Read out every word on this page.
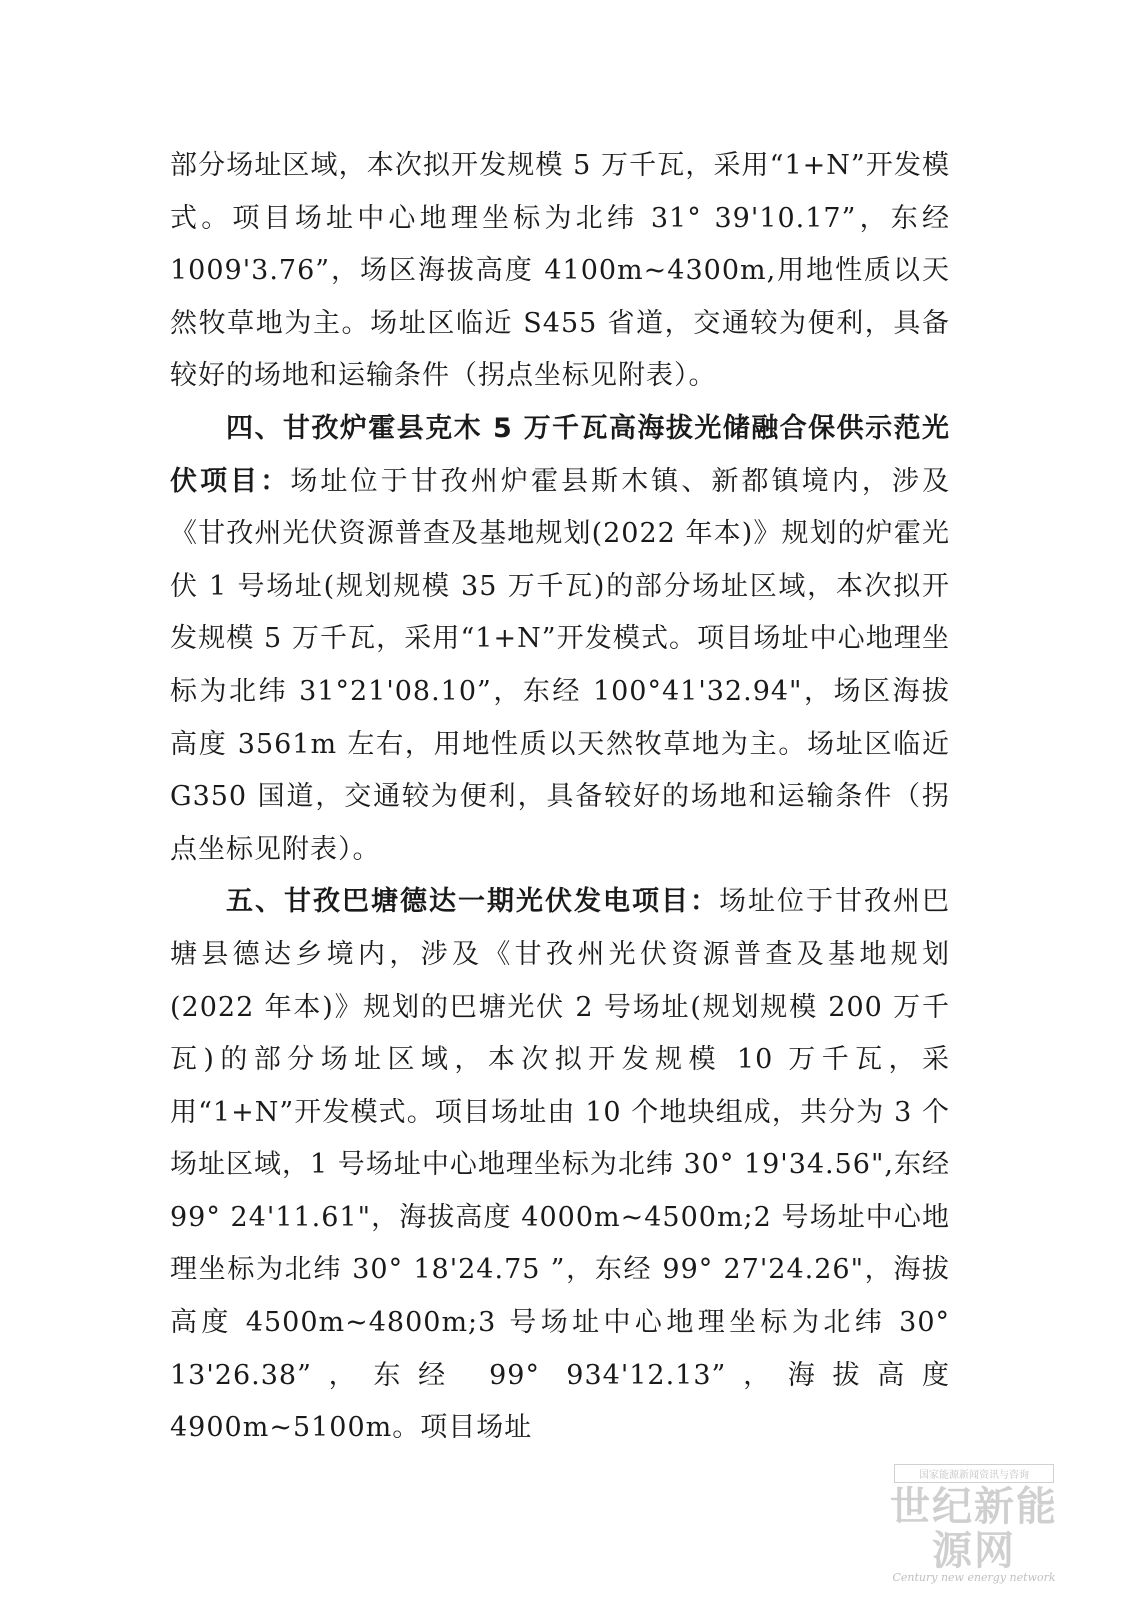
部分场址区域，本次拟开发规模 5 万千瓦，采用“1+N”开发模式。项目场址中心地理坐标为北纬 31° 39'10.17”，东经 1009'3.76”，场区海拔高度 4100m~4300m,用地性质以天然牧草地为主。场址区临近 S455 省道，交通较为便利，具备较好的场地和运输条件（拐点坐标见附表）。

四、甘孜炉霍县克木 5 万千瓦高海拔光储融合保供示范光伏项目：场址位于甘孜州炉霍县斯木镇、新都镇境内，涉及《甘孜州光伏资源普查及基地规划(2022 年本)》规划的炉霍光伏 1 号场址(规划规模 35 万千瓦)的部分场址区域，本次拟开发规模 5 万千瓦，采用“1+N”开发模式。项目场址中心地理坐标为北纬 31°21'08.10”，东经 100°41'32.94"，场区海拔高度 3561m 左右，用地性质以天然牧草地为主。场址区临近 G350 国道，交通较为便利，具备较好的场地和运输条件（拐点坐标见附表）。

五、甘孜巴塘德达一期光伏发电项目：场址位于甘孜州巴塘县德达乡境内，涉及《甘孜州光伏资源普查及基地规划(2022 年本)》规划的巴塘光伏 2 号场址(规划规模 200 万千瓦)的部分场址区域，本次拟开发规模 10 万千瓦，采用“1+N”开发模式。项目场址由 10 个地块组成，共分为 3 个场址区域，1 号场址中心地理坐标为北纬 30° 19'34.56",东经 99° 24'11.61"，海拔高度 4000m~4500m;2 号场址中心地理坐标为北纬 30° 18'24.75 ”，东经 99° 27'24.26"，海拔高度 4500m~4800m;3 号场址中心地理坐标为北纬 30° 13'26.38”，东经 99° 934'12.13”，海拔高度 4900m~5100m。项目场址

国家能源新闻资讯与咨询
世纪新能源网
Century new energy network
